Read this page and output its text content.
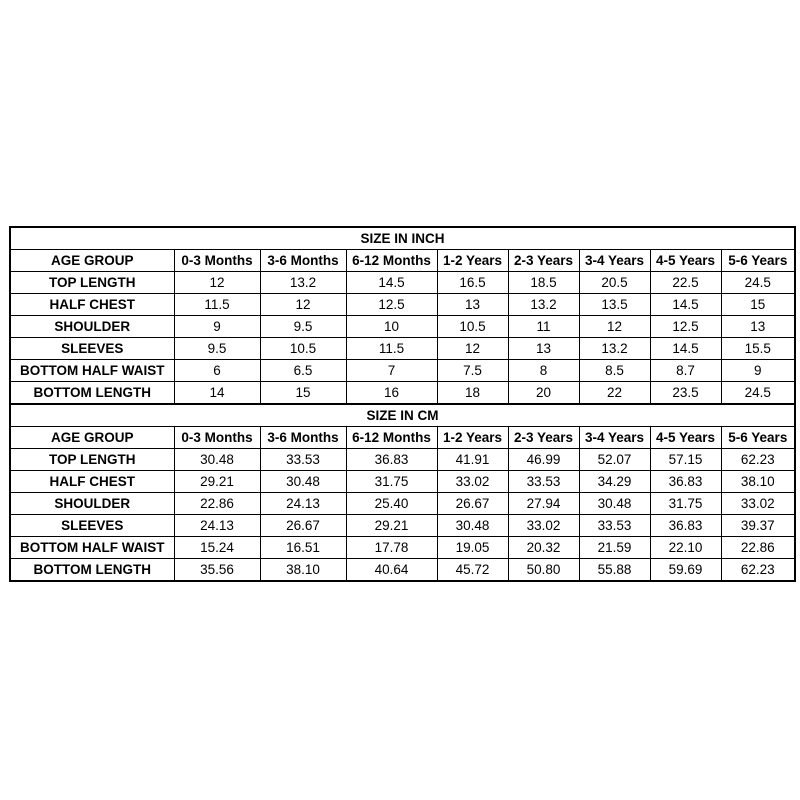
SIZE IN INCH								
AGE GROUP	0-3 Months	3-6 Months	6-12 Months	1-2 Years	2-3 Years	3-4 Years	4-5 Years	5-6 Years
TOP LENGTH	12	13.2	14.5	16.5	18.5	20.5	22.5	24.5
HALF CHEST	11.5	12	12.5	13	13.2	13.5	14.5	15
SHOULDER	9	9.5	10	10.5	11	12	12.5	13
SLEEVES	9.5	10.5	11.5	12	13	13.2	14.5	15.5
BOTTOM HALF WAIST	6	6.5	7	7.5	8	8.5	8.7	9
BOTTOM LENGTH	14	15	16	18	20	22	23.5	24.5
SIZE IN CM								
AGE GROUP	0-3 Months	3-6 Months	6-12 Months	1-2 Years	2-3 Years	3-4 Years	4-5 Years	5-6 Years
TOP LENGTH	30.48	33.53	36.83	41.91	46.99	52.07	57.15	62.23
HALF CHEST	29.21	30.48	31.75	33.02	33.53	34.29	36.83	38.10
SHOULDER	22.86	24.13	25.40	26.67	27.94	30.48	31.75	33.02
SLEEVES	24.13	26.67	29.21	30.48	33.02	33.53	36.83	39.37
BOTTOM HALF WAIST	15.24	16.51	17.78	19.05	20.32	21.59	22.10	22.86
BOTTOM LENGTH	35.56	38.10	40.64	45.72	50.80	55.88	59.69	62.23
